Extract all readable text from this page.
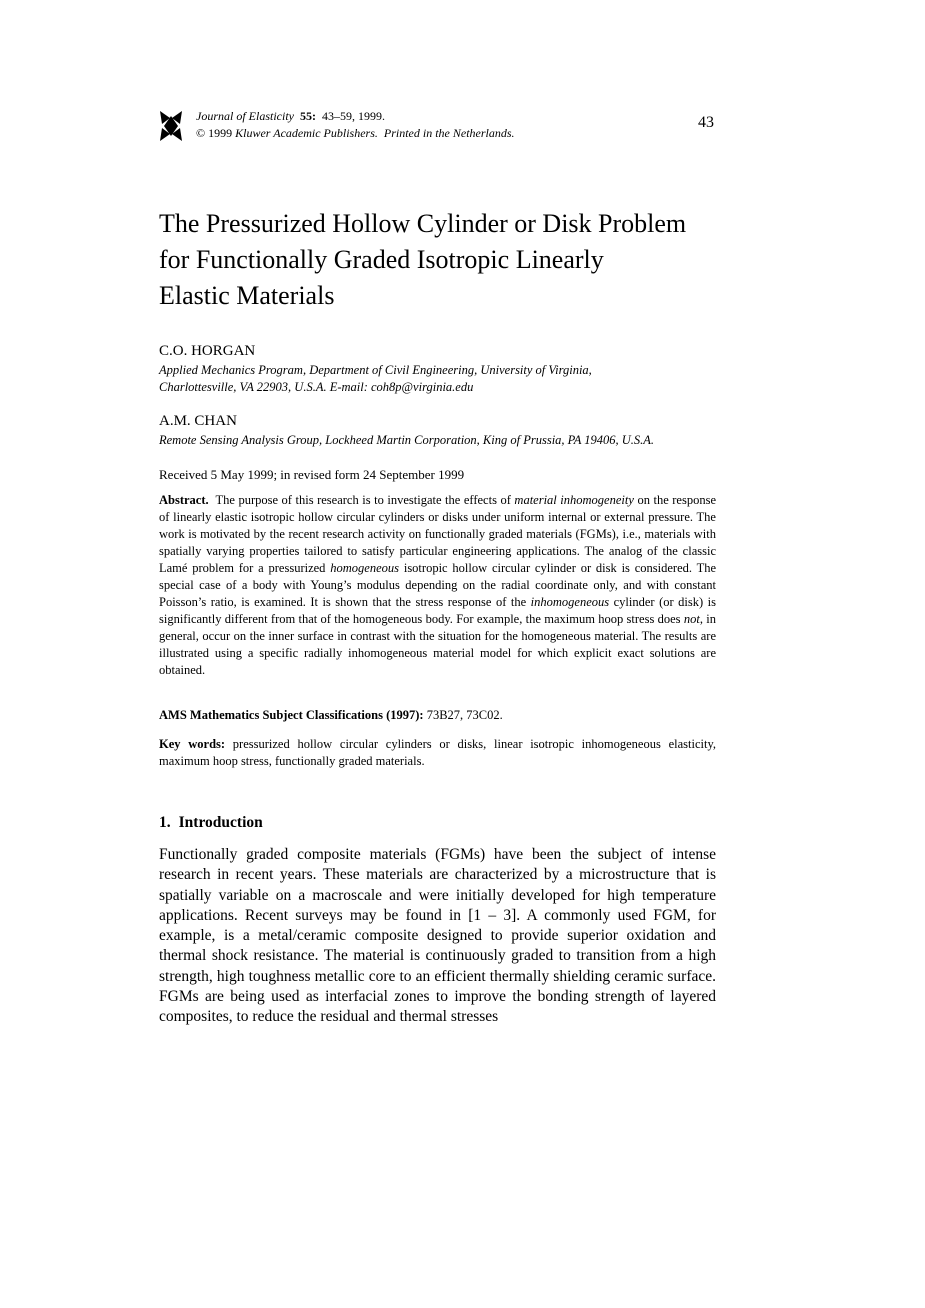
Journal of Elasticity 55: 43–59, 1999.
© 1999 Kluwer Academic Publishers. Printed in the Netherlands.
43
The Pressurized Hollow Cylinder or Disk Problem
for Functionally Graded Isotropic Linearly
Elastic Materials
C.O. HORGAN
Applied Mechanics Program, Department of Civil Engineering, University of Virginia,
Charlottesville, VA 22903, U.S.A. E-mail: coh8p@virginia.edu
A.M. CHAN
Remote Sensing Analysis Group, Lockheed Martin Corporation, King of Prussia, PA 19406, U.S.A.
Received 5 May 1999; in revised form 24 September 1999

Abstract. The purpose of this research is to investigate the effects of material inhomogeneity on the response of linearly elastic isotropic hollow circular cylinders or disks under uniform internal or external pressure. The work is motivated by the recent research activity on functionally graded materials (FGMs), i.e., materials with spatially varying properties tailored to satisfy particular engineering applications. The analog of the classic Lamé problem for a pressurized homogeneous isotropic hollow circular cylinder or disk is considered. The special case of a body with Young’s modulus depending on the radial coordinate only, and with constant Poisson’s ratio, is examined. It is shown that the stress response of the inhomogeneous cylinder (or disk) is significantly different from that of the homogeneous body. For example, the maximum hoop stress does not, in general, occur on the inner surface in contrast with the situation for the homogeneous material. The results are illustrated using a specific radially inhomogeneous material model for which explicit exact solutions are obtained.

AMS Mathematics Subject Classifications (1997): 73B27, 73C02.
Key words: pressurized hollow circular cylinders or disks, linear isotropic inhomogeneous elasticity, maximum hoop stress, functionally graded materials.
1. Introduction

Functionally graded composite materials (FGMs) have been the subject of intense research in recent years. These materials are characterized by a microstructure that is spatially variable on a macroscale and were initially developed for high temperature applications. Recent surveys may be found in [1 – 3]. A commonly used FGM, for example, is a metal/ceramic composite designed to provide superior oxidation and thermal shock resistance. The material is continuously graded to transition from a high strength, high toughness metallic core to an efficient thermally shielding ceramic surface. FGMs are being used as interfacial zones to improve the bonding strength of layered composites, to reduce the residual and thermal stresses
